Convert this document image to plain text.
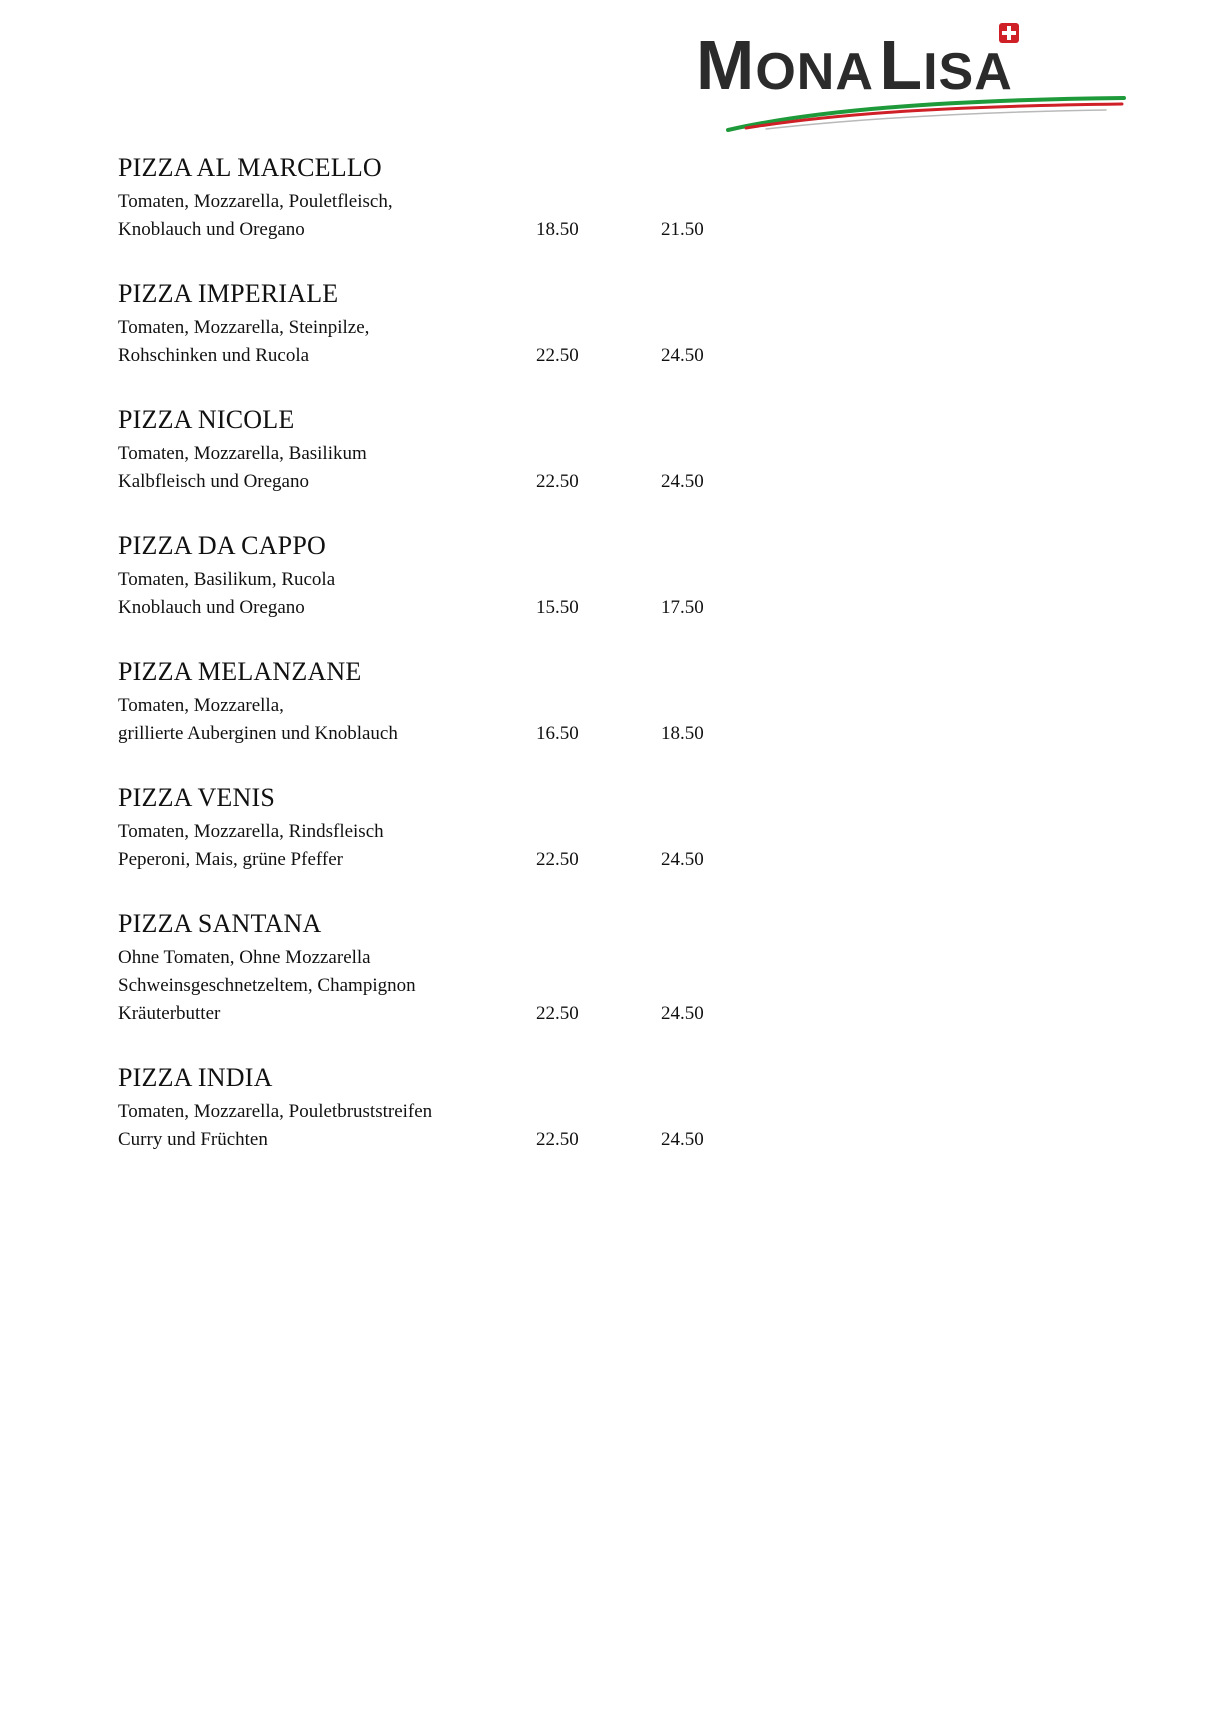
MONA LISA
PIZZA AL MARCELLO
Tomaten, Mozzarella, Pouletfleisch,
Knoblauch und Oregano	18.50	21.50
PIZZA IMPERIALE
Tomaten, Mozzarella, Steinpilze,
Rohschinken und Rucola	22.50	24.50
PIZZA NICOLE
Tomaten, Mozzarella, Basilikum
Kalbfleisch und Oregano	22.50	24.50
PIZZA DA CAPPO
Tomaten, Basilikum, Rucola
Knoblauch und Oregano	15.50	17.50
PIZZA MELANZANE
Tomaten, Mozzarella,
grillierte Auberginen und Knoblauch	16.50	18.50
PIZZA VENIS
Tomaten, Mozzarella, Rindsfleisch
Peperoni, Mais, grüne Pfeffer	22.50	24.50
PIZZA SANTANA
Ohne Tomaten, Ohne Mozzarella
Schweinsgeschnetzeltem, Champignon
Kräuterbutter	22.50	24.50
PIZZA INDIA
Tomaten, Mozzarella, Pouletbruststreifen
Curry und Früchten	22.50	24.50
